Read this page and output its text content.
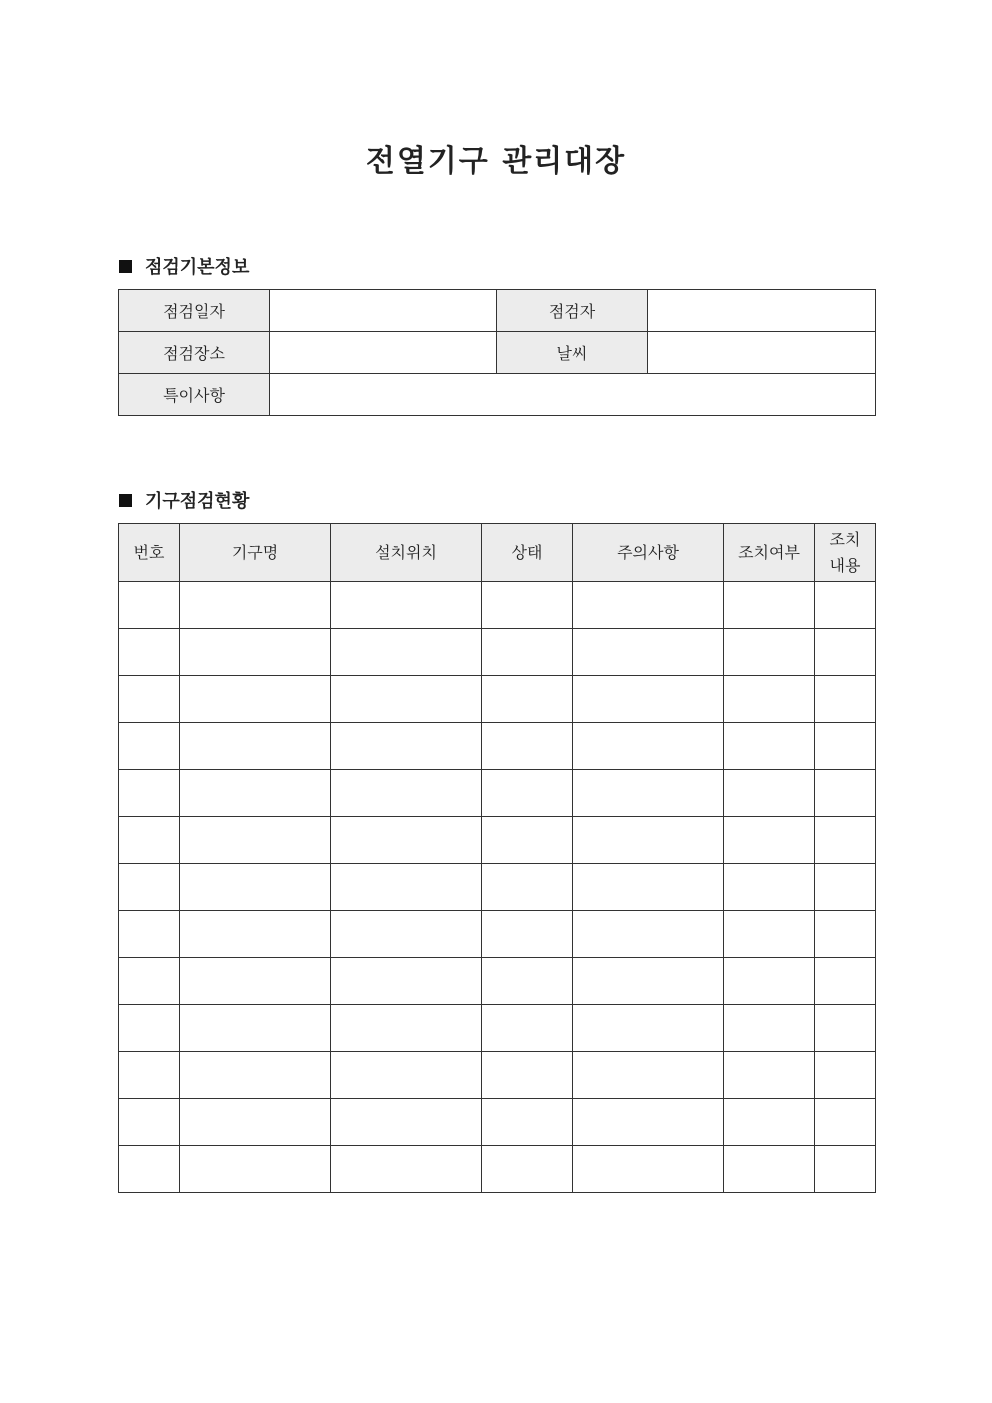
전열기구 관리대장
점검기본정보
점검일자		점검자	
점검장소		날씨	
특이사항			
기구점검현황
번호	기구명	설치위치	상태	주의사항	조치여부	조치
내용
